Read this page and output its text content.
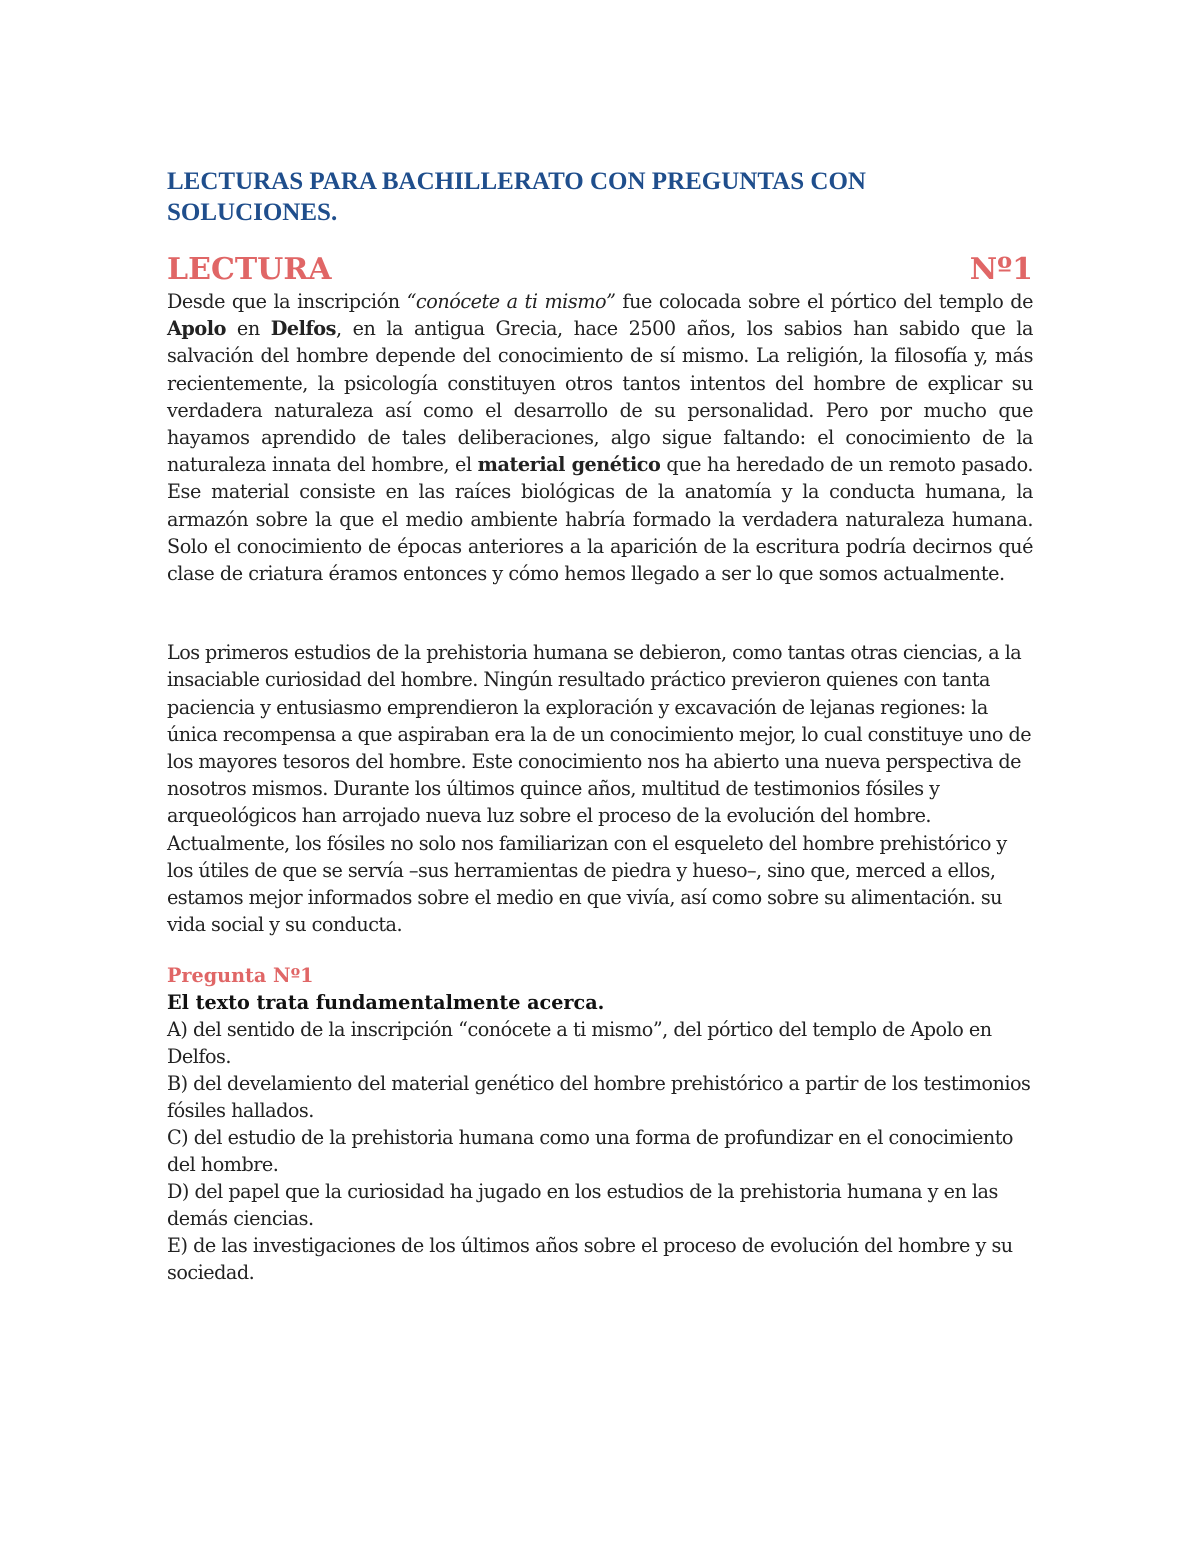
LECTURAS PARA BACHILLERATO CON PREGUNTAS CON SOLUCIONES.
LECTURA	Nº1

Desde que la inscripción “conócete a ti mismo” fue colocada sobre el pórtico del templo de Apolo en Delfos, en la antigua Grecia, hace 2500 años, los sabios han sabido que la salvación del hombre depende del conocimiento de sí mismo. La religión, la filosofía y, más recientemente, la psicología constituyen otros tantos intentos del hombre de explicar su verdadera naturaleza así como el desarrollo de su personalidad. Pero por mucho que hayamos aprendido de tales deliberaciones, algo sigue faltando: el conocimiento de la naturaleza innata del hombre, el material genético que ha heredado de un remoto pasado. Ese material consiste en las raíces biológicas de la anatomía y la conducta humana, la armazón sobre la que el medio ambiente habría formado la verdadera naturaleza humana. Solo el conocimiento de épocas anteriores a la aparición de la escritura podría decirnos qué clase de criatura éramos entonces y cómo hemos llegado a ser lo que somos actualmente.

Los primeros estudios de la prehistoria humana se debieron, como tantas otras ciencias, a la insaciable curiosidad del hombre. Ningún resultado práctico previeron quienes con tanta paciencia y entusiasmo emprendieron la exploración y excavación de lejanas regiones: la única recompensa a que aspiraban era la de un conocimiento mejor, lo cual constituye uno de los mayores tesoros del hombre. Este conocimiento nos ha abierto una nueva perspectiva de nosotros mismos. Durante los últimos quince años, multitud de testimonios fósiles y arqueológicos han arrojado nueva luz sobre el proceso de la evolución del hombre. Actualmente, los fósiles no solo nos familiarizan con el esqueleto del hombre prehistórico y los útiles de que se servía –sus herramientas de piedra y hueso–, sino que, merced a ellos, estamos mejor informados sobre el medio en que vivía, así como sobre su alimentación. su vida social y su conducta.

Pregunta Nº1
El texto trata fundamentalmente acerca.
A) del sentido de la inscripción “conócete a ti mismo”, del pórtico del templo de Apolo en Delfos.
B) del develamiento del material genético del hombre prehistórico a partir de los testimonios fósiles hallados.
C) del estudio de la prehistoria humana como una forma de profundizar en el conocimiento del hombre.
D) del papel que la curiosidad ha jugado en los estudios de la prehistoria humana y en las demás ciencias.
E) de las investigaciones de los últimos años sobre el proceso de evolución del hombre y su sociedad.
